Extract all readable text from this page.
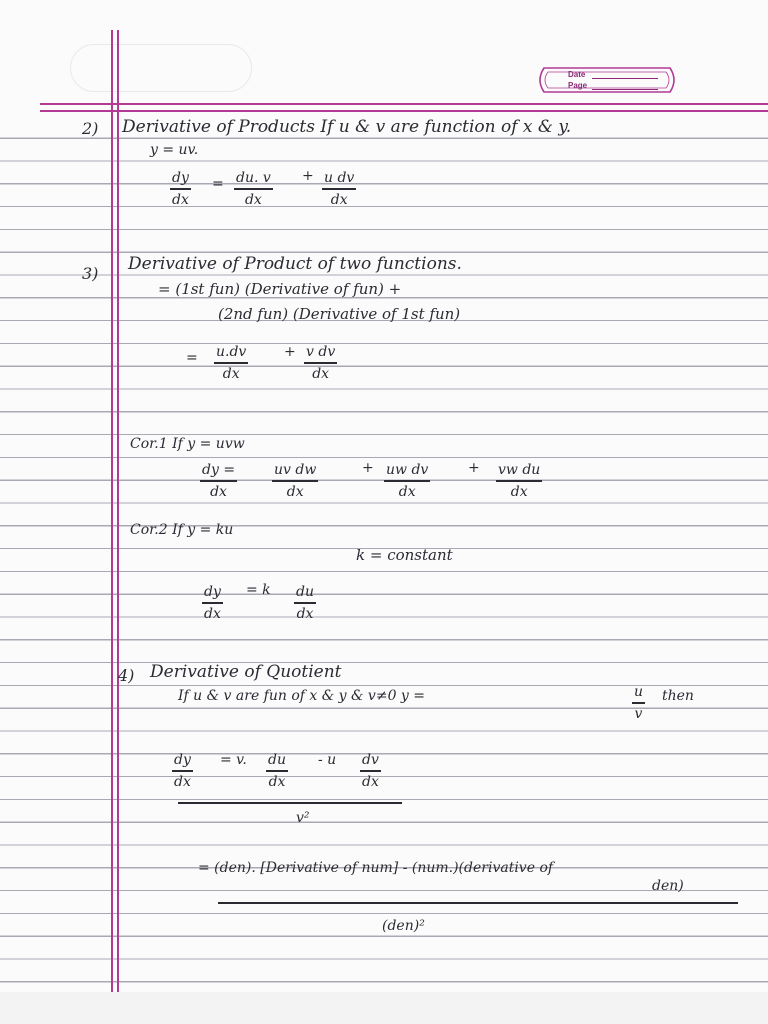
Date
Page
2) Derivative of Products If u & v are function of x & y.
y = uv.
dy
dx
= du. v
dx
+ u dv
dx
3) Derivative of Product of two functions.
= (1st fun) (Derivative of fun) +
(2nd fun) (Derivative of 1st fun)
= u.dv
dx
+ v dv
dx
Cor.1 If y = uvw
dy =
dx
uv dw
dx
+ uw dv
dx
+ vw du
dx
Cor.2 If y = ku
k = constant
dy
dx
= k du
dx
4) Derivative of Quotient
If u & v are fun of x & y & v≠0 y =	u
v
then
dy
dx
= v. du
dx
- u dv
dx
v²
= (den). [Derivative of num] - (num.)(derivative of
den)
(den)²
